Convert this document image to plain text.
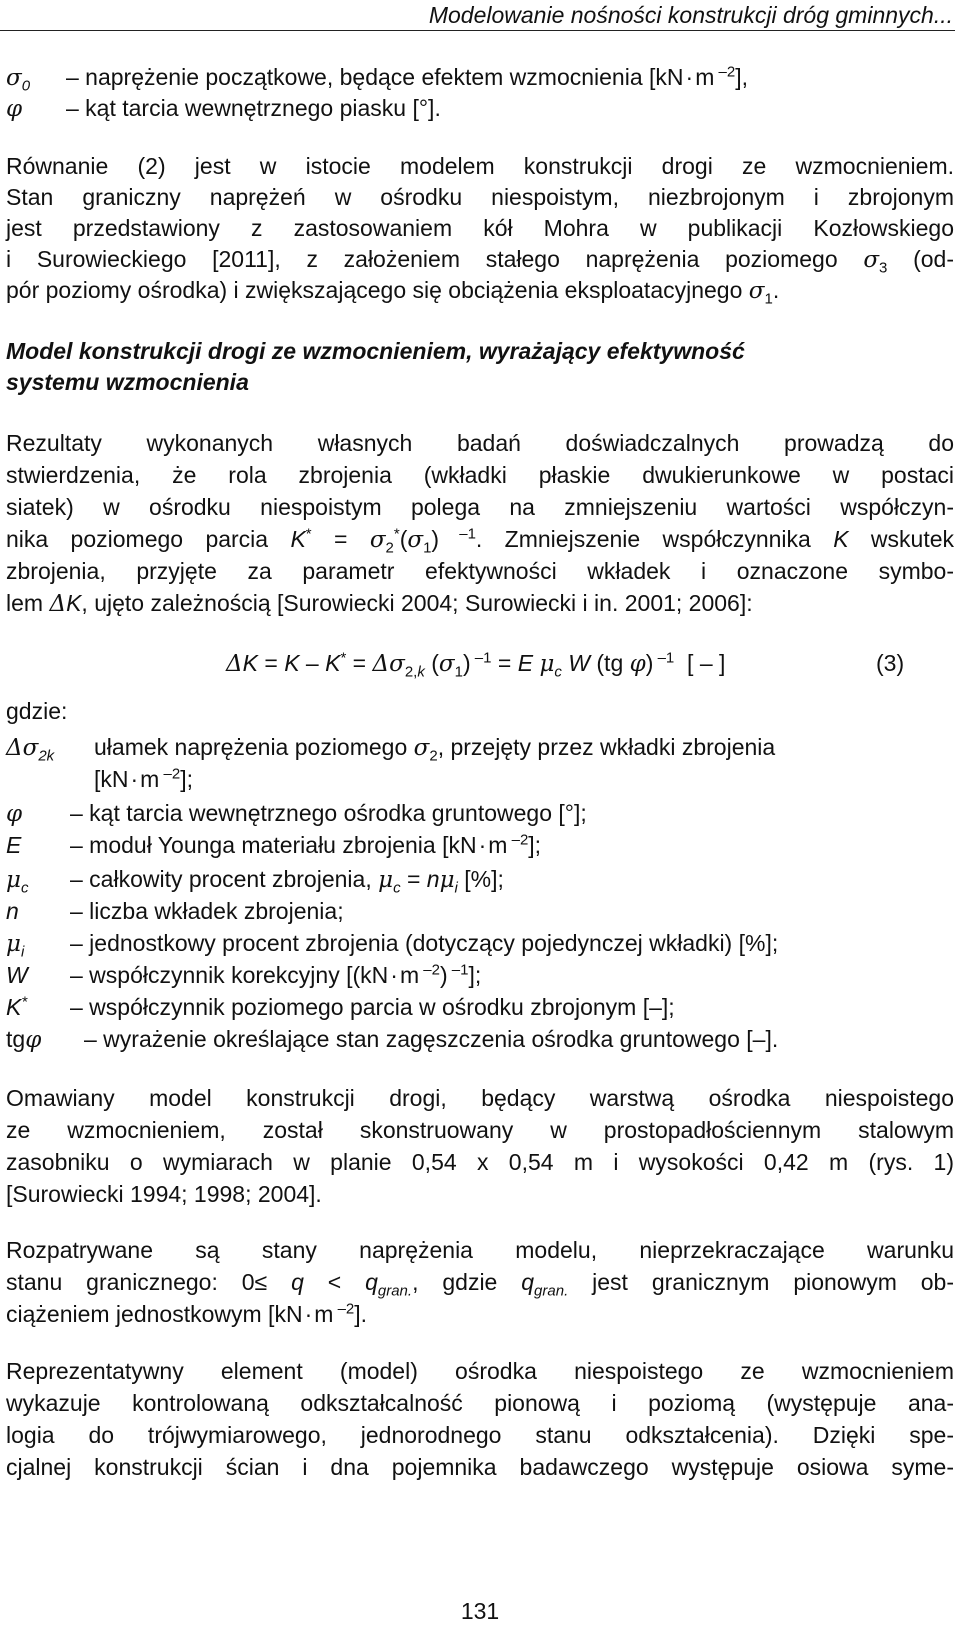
Modelowanie nośności konstrukcji dróg gminnych...
$\sigma_0$ – naprężenie początkowe, będące efektem wzmocnienia [kN·m $^{-2}$],
φ – kąt tarcia wewnętrznego piasku [°].
Równanie (2) jest w istocie modelem konstrukcji drogi ze wzmocnieniem.
Stan graniczny naprężeń w ośrodku niespoistym, niezbrojonym i zbrojonym
jest przedstawiony z zastosowaniem kół Mohra w publikacji Kozłowskiego
i Surowieckiego [2011], z założeniem stałego naprężenia poziomego $\sigma_3$ (od-
pór poziomy ośrodka) i zwiększającego się obciążenia eksploatacyjnego $\sigma_1$.
Model konstrukcji drogi ze wzmocnieniem, wyrażający efektywność
systemu wzmocnienia
Rezultaty wykonanych własnych badań doświadczalnych prowadzą do
stwierdzenia, że rola zbrojenia (wkładki płaskie dwukierunkowe w postaci
siatek) w ośrodku niespoistym polega na zmniejszeniu wartości współczyn-
nika poziomego parcia $K^* = \sigma_2^*(\sigma_1)$ $^{-1}$. Zmniejszenie współczynnika K wskutek
zbrojenia, przyjęte za parametr efektywności wkładek i oznaczone symbo-
lem ΔK, ujęto zależnością [Surowiecki 2004; Surowiecki i in. 2001; 2006]:
$\Delta K = K - K^* = \Delta\sigma_{2,k}$ $(\sigma_1) ^{-1} = E$ $\mu_c$ W (tg φ) $^{-1}$  [ – ]	(3)
gdzie:
$\Delta\sigma_{2k}$ ułamek naprężenia poziomego $\sigma_2$, przejęty przez wkładki zbrojenia
[kN·m $^{-2}$];
φ – kąt tarcia wewnętrznego ośrodka gruntowego [°];
E – moduł Younga materiału zbrojenia [kN·m $^{-2}$];
$\mu_c$ – całkowity procent zbrojenia, $\mu_c = n\mu_i$ [%];
n – liczba wkładek zbrojenia;
$\mu_i$ – jednostkowy procent zbrojenia (dotyczący pojedynczej wkładki) [%];
W – współczynnik korekcyjny [(kN·m $^{-2}$) $^{-1}$];
K* – współczynnik poziomego parcia w ośrodku zbrojonym [–];
tgφ – wyrażenie określające stan zagęszczenia ośrodka gruntowego [–].
Omawiany model konstrukcji drogi, będący warstwą ośrodka niespoistego
ze wzmocnieniem, został skonstruowany w prostopadłościennym stalowym
zasobniku o wymiarach w planie 0,54 x 0,54 m i wysokości 0,42 m (rys. 1)
[Surowiecki 1994; 1998; 2004].
Rozpatrywane są stany naprężenia modelu, nieprzekraczające warunku
stanu granicznego: $0\le q < q_{gran.}$, gdzie $q_{gran.}$ jest granicznym pionowym ob-
ciążeniem jednostkowym [kN·m $^{-2}$].
Reprezentatywny element (model) ośrodka niespoistego ze wzmocnieniem
wykazuje kontrolowaną odkształcalność pionową i poziomą (występuje ana-
logia do trójwymiarowego, jednorodnego stanu odkształcenia). Dzięki spe-
cjalnej konstrukcji ścian i dna pojemnika badawczego występuje osiowa syme-
131
